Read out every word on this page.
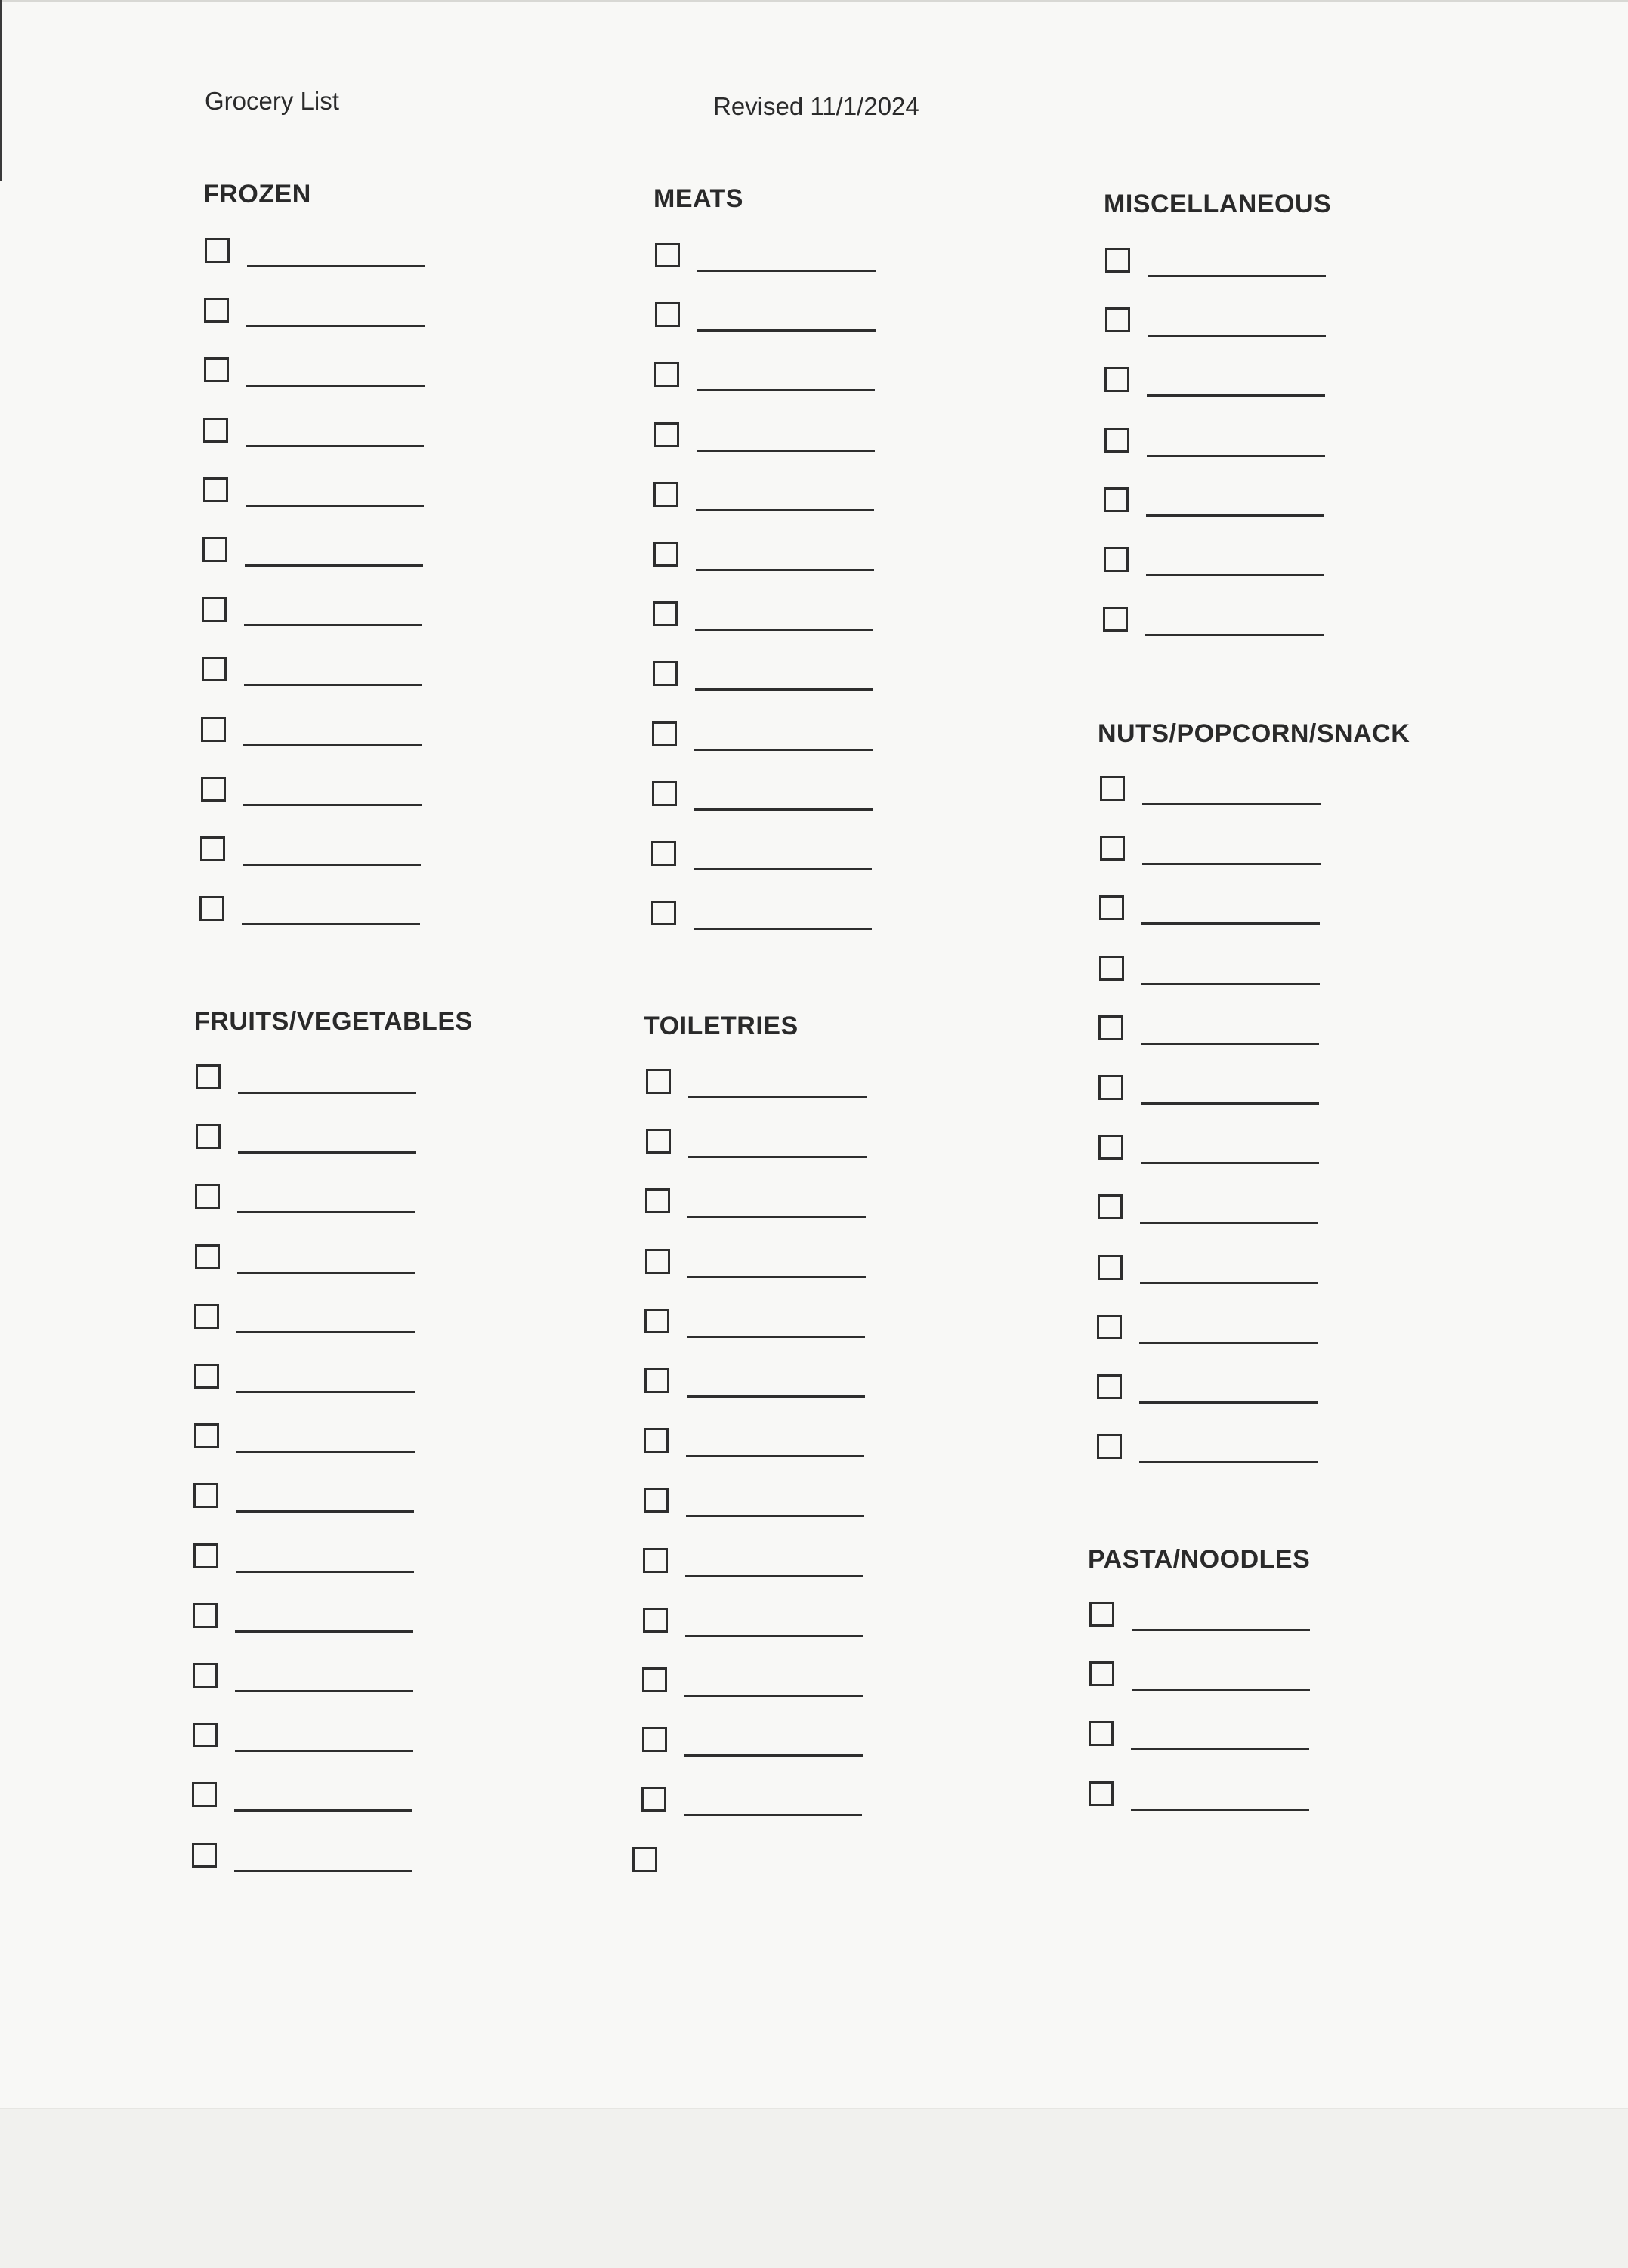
Grocery List	Revised 11/1/2024
FROZEN	MEATS	MISCELLANEOUS
NUTS/POPCORN/SNACK
FRUITS/VEGETABLES	TOILETRIES
PASTA/NOODLES
